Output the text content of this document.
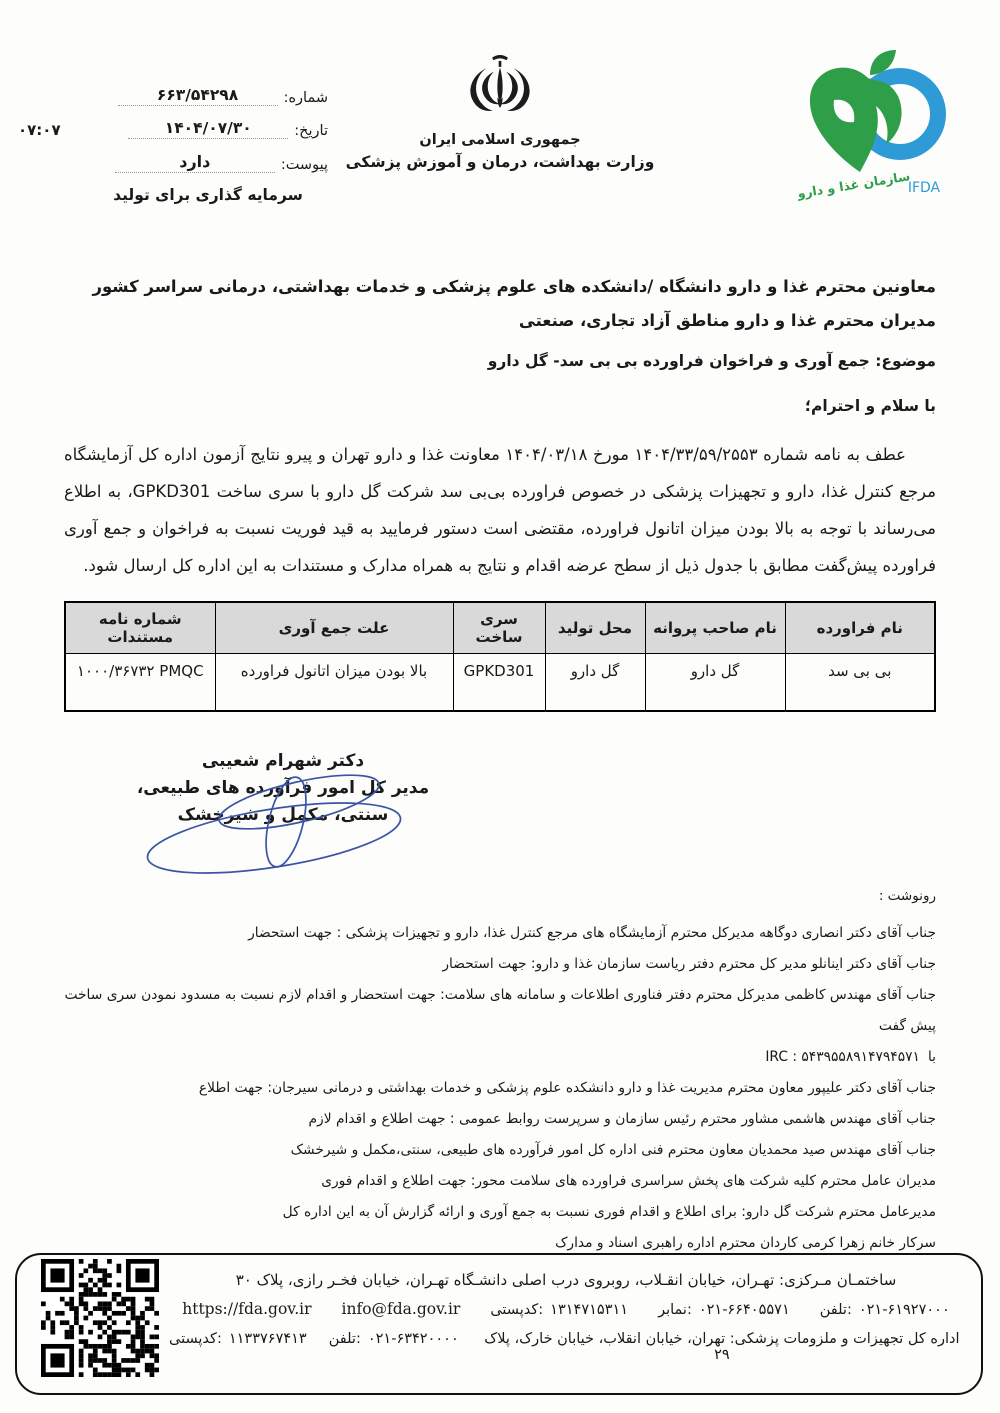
شماره:
۶۶۳/۵۴۲۹۸
تاریخ:
۱۴۰۴/۰۷/۳۰
۰۷:۰۷
پیوست:
دارد
سرمایه گذاری برای تولید
جمهوری اسلامی ایران
وزارت بهداشت، درمان و آموزش پزشکی
سازمان غذا و دارو
IFDA
معاونین محترم غذا و دارو دانشگاه /دانشکده های علوم پزشکی و خدمات بهداشتی، درمانی سراسر کشور
مدیران محترم غذا و دارو مناطق آزاد تجاری، صنعتی
موضوع: جمع آوری و فراخوان فراورده بی بی سد- گل دارو
با سلام و احترام؛
عطف به نامه شماره ۱۴۰۴/۳۳/۵۹/۲۵۵۳ مورخ ۱۴۰۴/۰۳/۱۸ معاونت غذا و دارو تهران و پیرو نتایج آزمون اداره کل آزمایشگاه مرجع کنترل غذا، دارو و تجهیزات پزشکی در خصوص فراورده بی‌بی سد شرکت گل دارو با سری ساخت GPKD301، به اطلاع می‌رساند با توجه به بالا بودن میزان اتانول فراورده، مقتضی است دستور فرمایید به قید فوریت نسبت به فراخوان و جمع آوری فراورده پیش‌گفت مطابق با جدول ذیل از سطح عرضه اقدام و نتایج به همراه مدارک و مستندات به این اداره کل ارسال شود.
نام فراورده	نام صاحب پروانه	محل تولید	سری ساخت	علت جمع آوری	شماره نامه مستندات
بی بی سد	گل دارو	گل دارو	GPKD301	بالا بودن میزان اتانول فراورده	PMQC ۱۰۰۰/۳۶۷۳۲
دکتر شهرام شعیبی
مدیر کل امور فرآورده های طبیعی،
سنتی، مکمل و شیرخشک
رونوشت :
جناب آقای دکتر انصاری دوگاهه مدیرکل محترم آزمایشگاه های مرجع کنترل غذا، دارو و تجهیزات پزشکی : جهت استحضار
جناب آقای دکتر اینانلو مدیر کل محترم دفتر ریاست سازمان غذا و دارو: جهت استحضار
جناب آقای مهندس کاظمی مدیرکل محترم دفتر فناوری اطلاعات و سامانه های سلامت: جهت استحضار و اقدام لازم نسبت به مسدود نمودن سری ساخت پیش گفت
با
IRC : ۵۴۳۹۵۵۸۹۱۴۷۹۴۵۷۱
جناب آقای دکتر علیپور معاون محترم مدیریت غذا و دارو دانشکده علوم پزشکی و خدمات بهداشتی و درمانی سیرجان: جهت اطلاع
جناب آقای مهندس هاشمی مشاور محترم رئیس سازمان و سرپرست روابط عمومی : جهت اطلاع و اقدام لازم
جناب آقای مهندس صید محمدیان معاون محترم فنی اداره کل امور فرآورده های طبیعی، سنتی،مکمل و شیرخشک
مدیران عامل محترم کلیه شرکت های پخش سراسری فراورده های سلامت محور: جهت اطلاع و اقدام فوری
مدیرعامل محترم شرکت گل دارو: برای اطلاع و اقدام فوری نسبت به جمع آوری و ارائه گزارش آن به این اداره کل
سرکار خانم زهرا کرمی کاردان محترم اداره راهبری اسناد و مدارک
ساختمـان مـرکزی: تهـران، خیابان انقـلاب، روبروی درب اصلی دانشـگاه تهـران، خیابان فخـر رازی، پلاک ۳۰
https://fda.gov.ir info@fda.gov.ir کدپستی: ۱۳۱۴۷۱۵۳۱۱ نمابر: ۰۲۱-۶۶۴۰۵۵۷۱ تلفن: ۰۲۱-۶۱۹۲۷۰۰۰
کدپستی: ۱۱۳۳۷۶۷۴۱۳ تلفن: ۰۲۱-۶۳۴۲۰۰۰۰ اداره کل تجهیزات و ملزومات پزشکی: تهران، خیابان انقلاب، خیابان خارک، پلاک ۲۹
